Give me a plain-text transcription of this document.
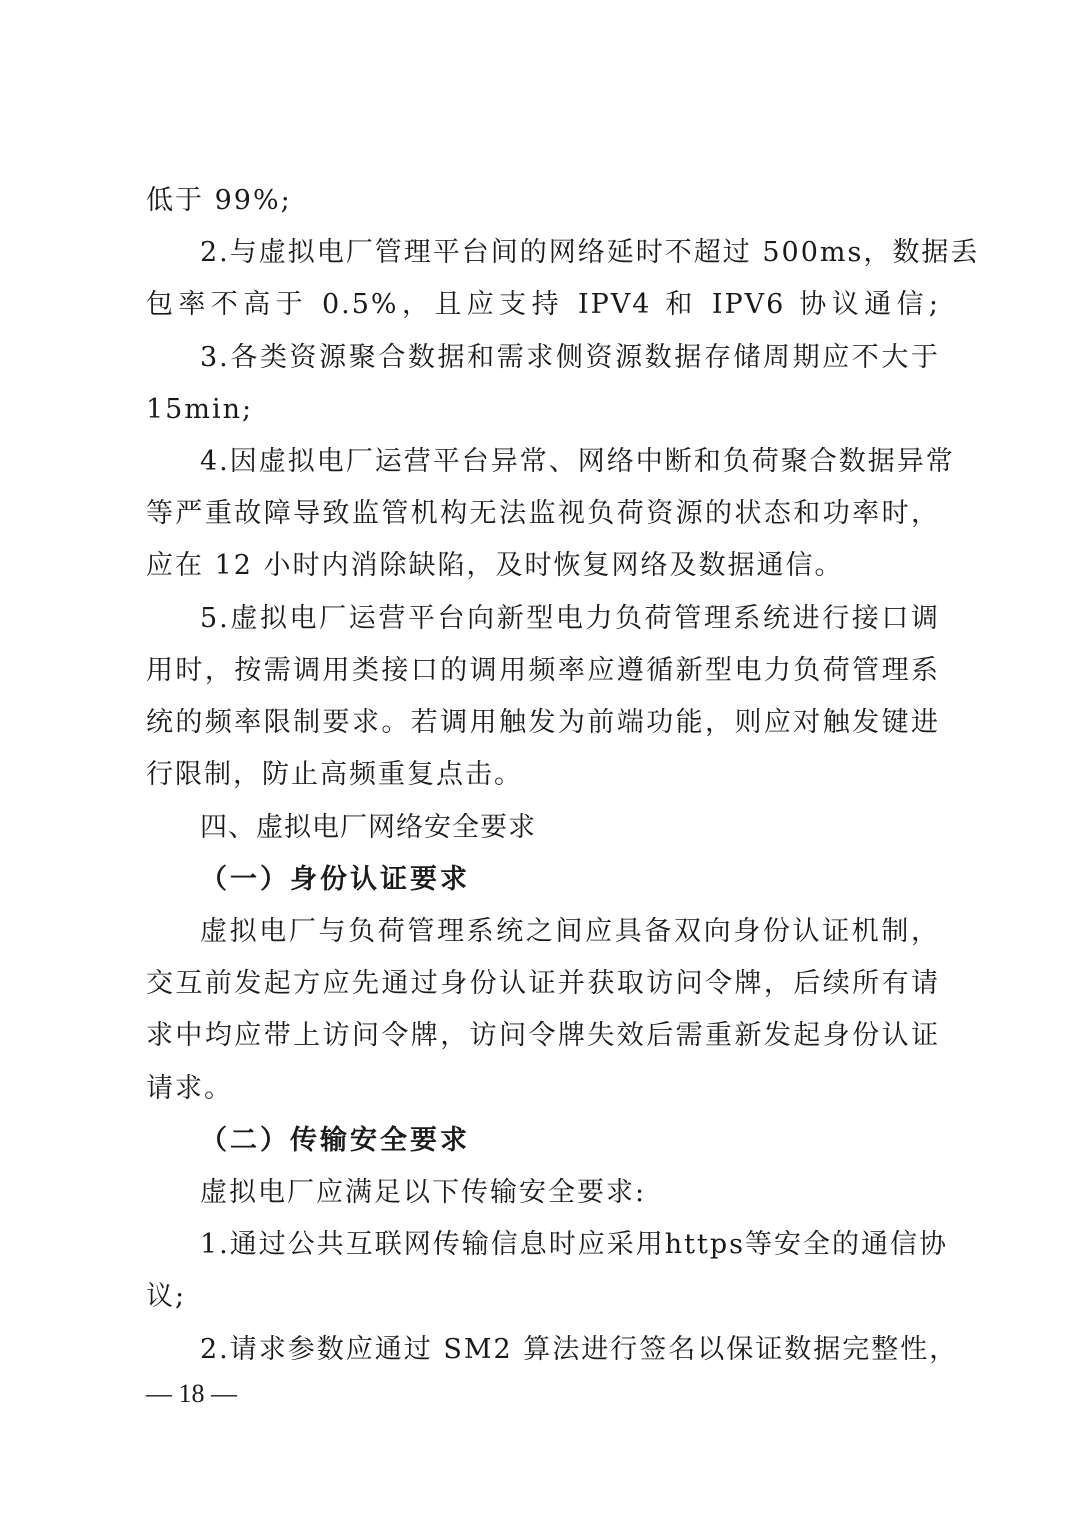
低于 99%;
2.与虚拟电厂管理平台间的网络延时不超过 500ms，数据丢
包率不高于 0.5%，且应支持 IPV4 和 IPV6 协议通信;
3.各类资源聚合数据和需求侧资源数据存储周期应不大于
15min;
4.因虚拟电厂运营平台异常、网络中断和负荷聚合数据异常
等严重故障导致监管机构无法监视负荷资源的状态和功率时，
应在 12 小时内消除缺陷，及时恢复网络及数据通信。
5.虚拟电厂运营平台向新型电力负荷管理系统进行接口调
用时，按需调用类接口的调用频率应遵循新型电力负荷管理系
统的频率限制要求。若调用触发为前端功能，则应对触发键进
行限制，防止高频重复点击。
四、虚拟电厂网络安全要求
（一）身份认证要求
虚拟电厂与负荷管理系统之间应具备双向身份认证机制，
交互前发起方应先通过身份认证并获取访问令牌，后续所有请
求中均应带上访问令牌，访问令牌失效后需重新发起身份认证
请求。
（二）传输安全要求
虚拟电厂应满足以下传输安全要求:
1.通过公共互联网传输信息时应采用https等安全的通信协
议;
2.请求参数应通过 SM2 算法进行签名以保证数据完整性，
— 18 —
